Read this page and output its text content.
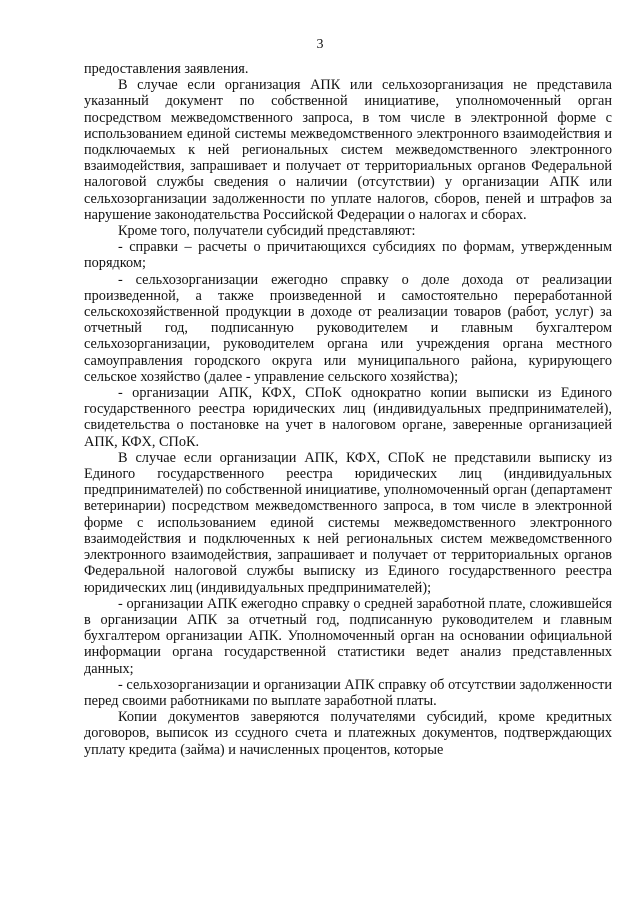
3

предоставления заявления.

В случае если организация АПК или сельхозорганизация не представила указанный документ по собственной инициативе, уполномоченный орган посредством межведомственного запроса, в том числе в электронной форме с использованием единой системы межведомственного электронного взаимодействия и подключаемых к ней региональных систем межведомственного электронного взаимодействия, запрашивает и получает от территориальных органов Федеральной налоговой службы сведения о наличии (отсутствии) у организации АПК или сельхозорганизации задолженности по уплате налогов, сборов, пеней и штрафов за нарушение законодательства Российской Федерации о налогах и сборах.

Кроме того, получатели субсидий представляют:

- справки – расчеты о причитающихся субсидиях по формам, утвержденным порядком;

- сельхозорганизации ежегодно справку о доле дохода от реализации произведенной, а также произведенной и самостоятельно переработанной сельскохозяйственной продукции в доходе от реализации товаров (работ, услуг) за отчетный год, подписанную руководителем и главным бухгалтером сельхозорганизации, руководителем органа или учреждения органа местного самоуправления городского округа или муниципального района, курирующего сельское хозяйство (далее - управление сельского хозяйства);

- организации АПК, КФХ, СПоК однократно копии выписки из Единого государственного реестра юридических лиц (индивидуальных предпринимателей), свидетельства о постановке на учет в налоговом органе, заверенные организацией АПК, КФХ, СПоК.

В случае если организации АПК, КФХ, СПоК не представили выписку из Единого государственного реестра юридических лиц (индивидуальных предпринимателей) по собственной инициативе, уполномоченный орган (департамент ветеринарии) посредством межведомственного запроса, в том числе в электронной форме с использованием единой системы межведомственного электронного взаимодействия и подключенных к ней региональных систем межведомственного электронного взаимодействия, запрашивает и получает от территориальных органов Федеральной налоговой службы выписку из Единого государственного реестра юридических лиц (индивидуальных предпринимателей);

- организации АПК ежегодно справку о средней заработной плате, сложившейся в организации АПК за отчетный год, подписанную руководителем и главным бухгалтером организации АПК. Уполномоченный орган на основании официальной информации органа государственной статистики ведет анализ представленных данных;

- сельхозорганизации и организации АПК справку об отсутствии задолженности перед своими работниками по выплате заработной платы.

Копии документов заверяются получателями субсидий, кроме кредитных договоров, выписок из ссудного счета и платежных документов, подтверждающих уплату кредита (займа) и начисленных процентов, которые
